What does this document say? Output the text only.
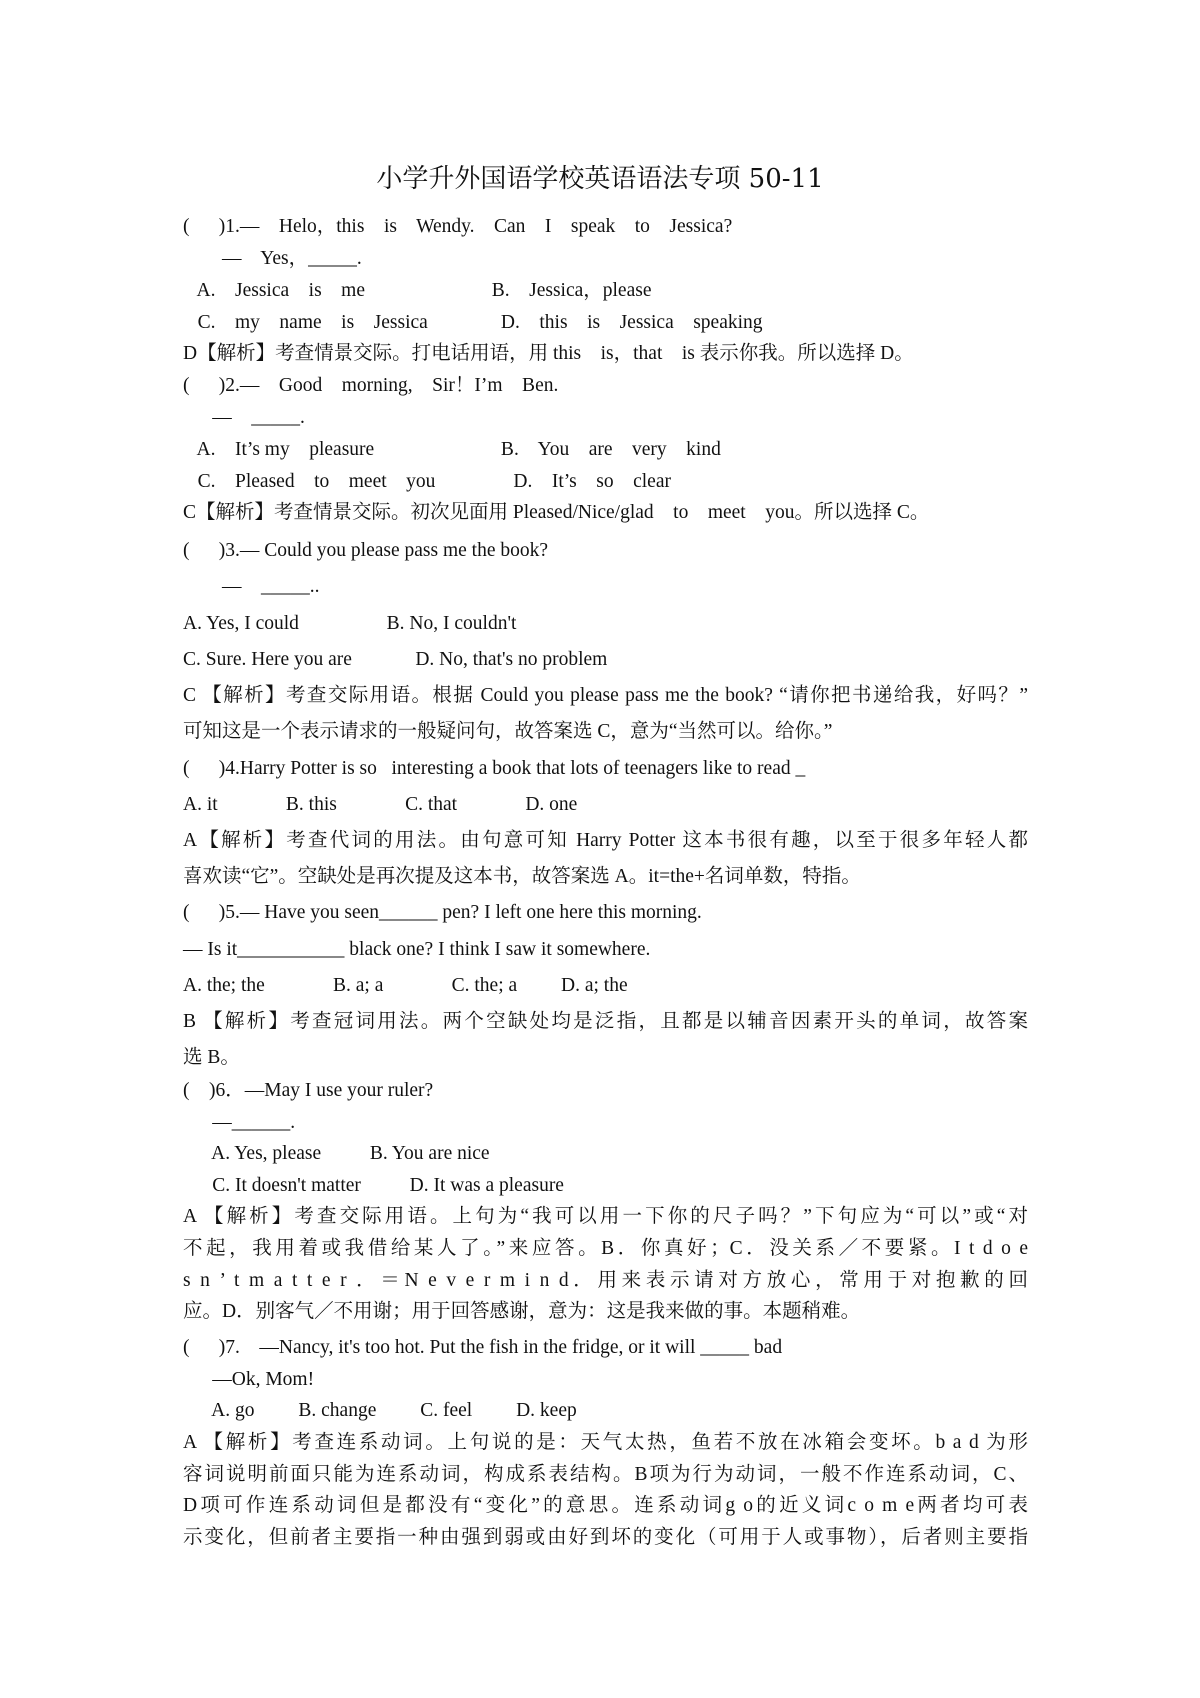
小学升外国语学校英语语法专项 50-11
(      )1.—    Helo，this    is    Wendy.    Can    I    speak    to    Jessica?
—    Yes，_____.
A.    Jessica    is    me                          B.    Jessica，please
C.    my    name    is    Jessica               D.    this    is    Jessica    speaking
D【解析】考查情景交际。打电话用语，用 this    is，that    is 表示你我。所以选择 D。
(      )2.—    Good    morning,    Sir！I’m    Ben.
—    _____.
A.    It’s my    pleasure                          B.    You    are    very    kind
C.    Pleased    to    meet    you                D.    It’s    so    clear
C【解析】考查情景交际。初次见面用 Pleased/Nice/glad    to    meet    you。所以选择 C。
(      )3.— Could you please pass me the book?
—    _____..
A. Yes, I could                  B. No, I couldn't
C. Sure. Here you are             D. No, that's no problem
C 【解析】考查交际用语。根据 Could you please pass me the book? “请你把书递给我，好吗？”
可知这是一个表示请求的一般疑问句，故答案选 C，意为“当然可以。给你。”
(      )4.Harry Potter is so   interesting a book that lots of teenagers like to read _
A. it              B. this              C. that              D. one
A【解析】考查代词的用法。由句意可知 Harry Potter 这本书很有趣，以至于很多年轻人都
喜欢读“它”。空缺处是再次提及这本书，故答案选 A。it=the+名词单数，特指。
(      )5.— Have you seen______ pen? I left one here this morning.
— Is it___________ black one? I think I saw it somewhere.
A. the; the              B. a; a              C. the; a         D. a; the
B 【解析】考查冠词用法。两个空缺处均是泛指，且都是以辅音因素开头的单词，故答案
选 B。
(    )6．—May I use your ruler?
—______.
A. Yes, please          B. You are nice
C. It doesn't matter          D. It was a pleasure
A 【解析】考查交际用语。上句为“我可以用一下你的尺子吗？”下句应为“可以”或“对
不起，我用着或我借给某人了。”来应答。B．你真好；C．没关系／不要紧。I t d o e
s n ’ t m a t t e r ．＝N e v e r m i n d．用来表示请对方放心，常用于对抱歉的回
应。D．别客气／不用谢；用于回答感谢，意为：这是我来做的事。本题稍难。
(      )7.    —Nancy, it's too hot. Put the fish in the fridge, or it will _____ bad
—Ok, Mom!
A. go         B. change         C. feel         D. keep
A 【解析】考查连系动词。上句说的是：天气太热，鱼若不放在冰箱会变坏。b a d 为形
容词说明前面只能为连系动词，构成系表结构。B项为行为动词，一般不作连系动词，C、
D项可作连系动词但是都没有“变化”的意思。连系动词g o的近义词c o m e两者均可表
示变化，但前者主要指一种由强到弱或由好到坏的变化（可用于人或事物），后者则主要指
